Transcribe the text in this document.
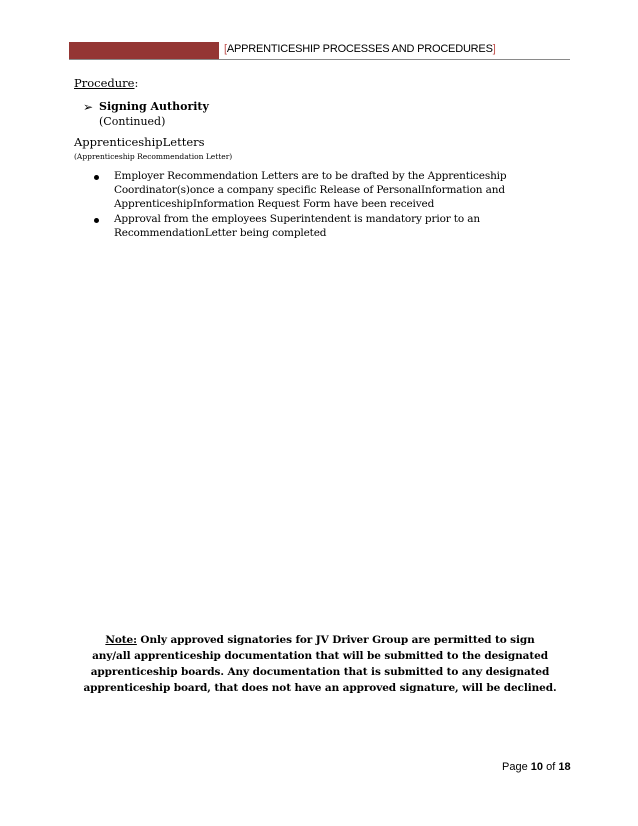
[APPRENTICESHIP PROCESSES AND PROCEDURES]
Procedure:
➢ Signing Authority
(Continued)
ApprenticeshipLetters
(Apprenticeship Recommendation Letter)
Employer Recommendation Letters are to be drafted by the Apprenticeship
Coordinator(s)once a company specific Release of PersonalInformation and
ApprenticeshipInformation Request Form have been received
Approval from the employees Superintendent is mandatory prior to an
RecommendationLetter being completed
Note: Only approved signatories for JV Driver Group are permitted to sign
any/all apprenticeship documentation that will be submitted to the designated
apprenticeship boards. Any documentation that is submitted to any designated
apprenticeship board, that does not have an approved signature, will be declined.
Page 10 of 18
